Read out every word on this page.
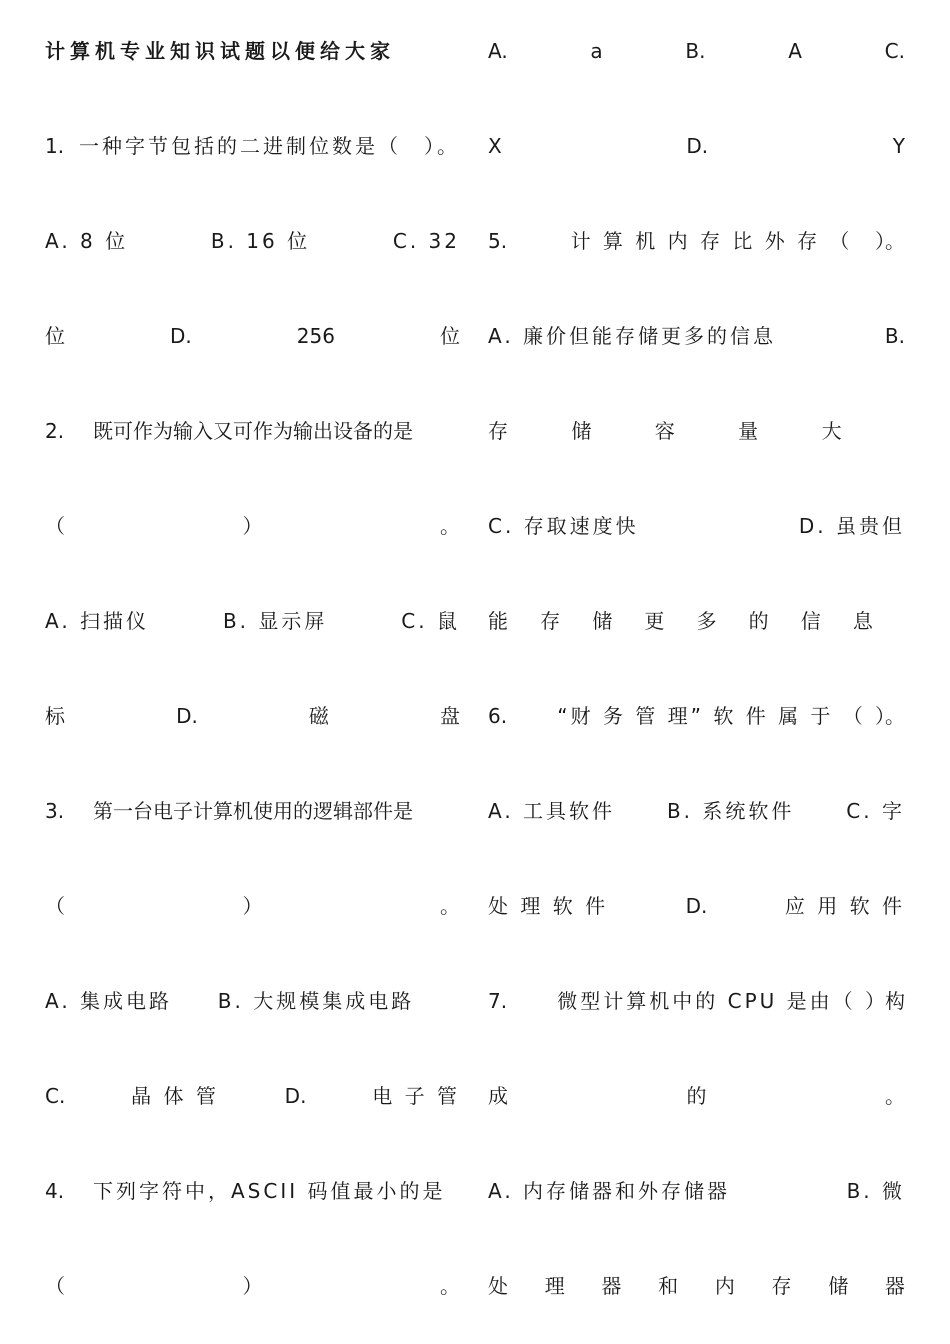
计算机专业知识试题以便给大家
1. 一种字节包括的二进制位数是（　）。
A. 8 位	B. 16 位	C. 32
位	D.	256	位
2.	既可作为输入又可作为输出设备的是
（	）	。
A. 扫描仪	B. 显示屏	C. 鼠
标	D.	磁	盘
3.	第一台电子计算机使用的逻辑部件是
（	）	。
A. 集成电路 B. 大规模集成电路
C.	晶 体 管	D.	电 子 管
4.	下列字符中，ASCII 码值最小的是
（	）	。
A.	a	B.	A	C.
X	D.	Y
5.	计 算 机 内 存 比 外 存 （ ）。
A. 廉价但能存储更多的信息	B.
存	储	容	量	大
C. 存取速度快	D. 虽贵但
能 存 储 更 多 的 信 息
6.	“财 务 管 理” 软 件 属 于 （ ）。
A. 工具软件	B. 系统软件	C. 字
处 理 软 件	D.	应 用 软 件
7.	微型计算机中的 CPU 是由（ ）构
成	的	。
A. 内存储器和外存储器	B. 微
处 理 器 和 内 存 储 器
